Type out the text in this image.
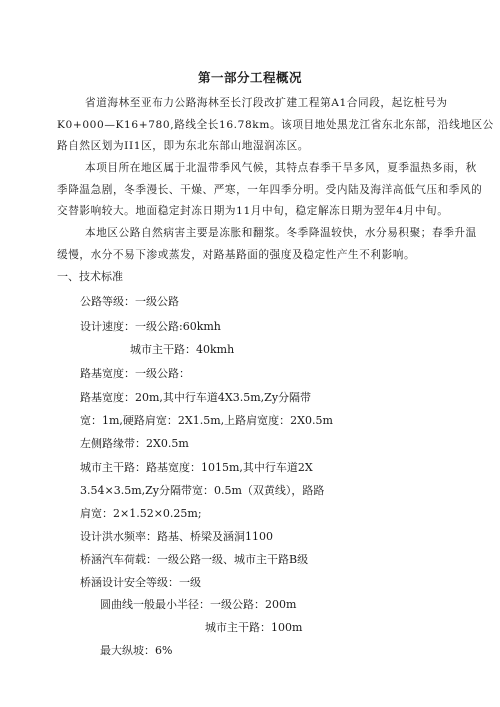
第一部分工程概况
省道海林至亚布力公路海林至长汀段改扩建工程第A1合同段，起讫桩号为
K0+000—K16+780,路线全长16.78km。该项目地处黑龙江省东北东部，沿线地区公
路自然区划为II1区，即为东北东部山地湿润冻区。
本项目所在地区属于北温带季风气候，其特点春季干旱多风，夏季温热多雨，秋
季降温急剧，冬季漫长、干燥、严寒，一年四季分明。受内陆及海洋高低气压和季风的
交替影响较大。地面稳定封冻日期为11月中旬，稳定解冻日期为翌年4月中旬。
本地区公路自然病害主要是冻胀和翻浆。冬季降温较快，水分易积聚；春季升温
缓慢，水分不易下渗或蒸发，对路基路面的强度及稳定性产生不利影响。
一、技术标准
公路等级：一级公路
设计速度：一级公路:60kmh
城市主干路：40kmh
路基宽度：一级公路：
路基宽度：20m,其中行车道4X3.5m,Zy分隔带
宽：1m,硬路肩宽：2X1.5m,上路肩宽度：2X0.5m
左侧路缘带：2X0.5m
城市主干路：路基宽度：1015m,其中行车道2X
3.54×3.5m,Zy分隔带宽：0.5m（双黄线），路路
肩宽：2×1.52×0.25m;
设计洪水频率：路基、桥梁及涵洞1100
桥涵汽车荷载：一级公路一级、城市主干路B级
桥涵设计安全等级：一级
圆曲线一般最小半径：一级公路：200m
城市主干路：100m
最大纵坡：6%
